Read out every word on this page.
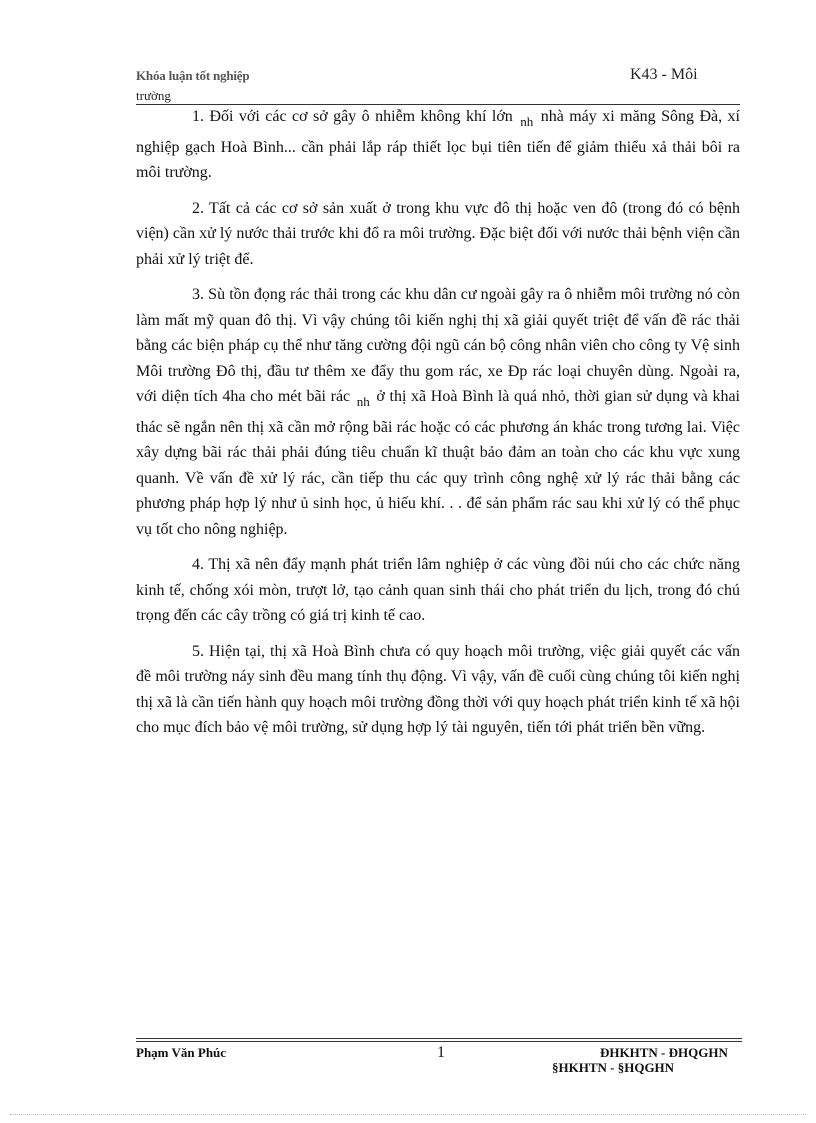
Khóa luận tốt nghiệp
trường
K43 - Môi

1. Đối với các cơ sở gây ô nhiễm không khí lớn $_{nh}$ nhà máy xi măng Sông Đà, xí nghiệp gạch Hoà Bình... cần phải lắp ráp thiết lọc bụi tiên tiến để giảm thiểu xả thải bôi ra môi trường.

2. Tất cả các cơ sở sản xuất ở trong khu vực đô thị hoặc ven đô (trong đó có bệnh viện) cần xử lý nước thải trước khi đổ ra môi trường. Đặc biệt đối với nước thải bệnh viện cần phải xử lý triệt để.

3. Sù tồn đọng rác thải trong các khu dân cư ngoài gây ra ô nhiễm môi trường nó còn làm mất mỹ quan đô thị. Vì vậy chúng tôi kiến nghị thị xã giải quyết triệt để vấn đề rác thải bằng các biện pháp cụ thể như tăng cường đội ngũ cán bộ công nhân viên cho công ty Vệ sinh Môi trường Đô thị, đầu tư thêm xe đẩy thu gom rác, xe Ðp rác loại chuyên dùng. Ngoài ra, với diện tích 4ha cho mét bãi rác $_{nh}$ ở thị xã Hoà Bình là quá nhỏ, thời gian sử dụng và khai thác sẽ ngắn nên thị xã cần mở rộng bãi rác hoặc có các phương án khác trong tương lai. Việc xây dựng bãi rác thải phải đúng tiêu chuẩn kĩ thuật bảo đảm an toàn cho các khu vực xung quanh. Về vấn đề xử lý rác, cần tiếp thu các quy trình công nghệ xử lý rác thải bằng các phương pháp hợp lý như ủ sinh học, ủ hiếu khí. . . để sản phẩm rác sau khi xử lý có thể phục vụ tốt cho nông nghiệp.

4. Thị xã nên đẩy mạnh phát triển lâm nghiệp ở các vùng đồi núi cho các chức năng kinh tế, chống xói mòn, trượt lở, tạo cảnh quan sinh thái cho phát triển du lịch, trong đó chú trọng đến các cây trồng có giá trị kinh tế cao.

5. Hiện tại, thị xã Hoà Bình chưa có quy hoạch môi trường, việc giải quyết các vấn đề môi trường náy sinh đều mang tính thụ động. Vì vậy, vấn đề cuối cùng chúng tôi kiến nghị thị xã là cần tiến hành quy hoạch môi trường đồng thời với quy hoạch phát triển kinh tế xã hội cho mục đích bảo vệ môi trường, sử dụng hợp lý tài nguyên, tiến tới phát triển bền vững.

Phạm Văn Phúc	1	ĐHKHTN - ĐHQGHN
§HKHTN - §HQGHN
